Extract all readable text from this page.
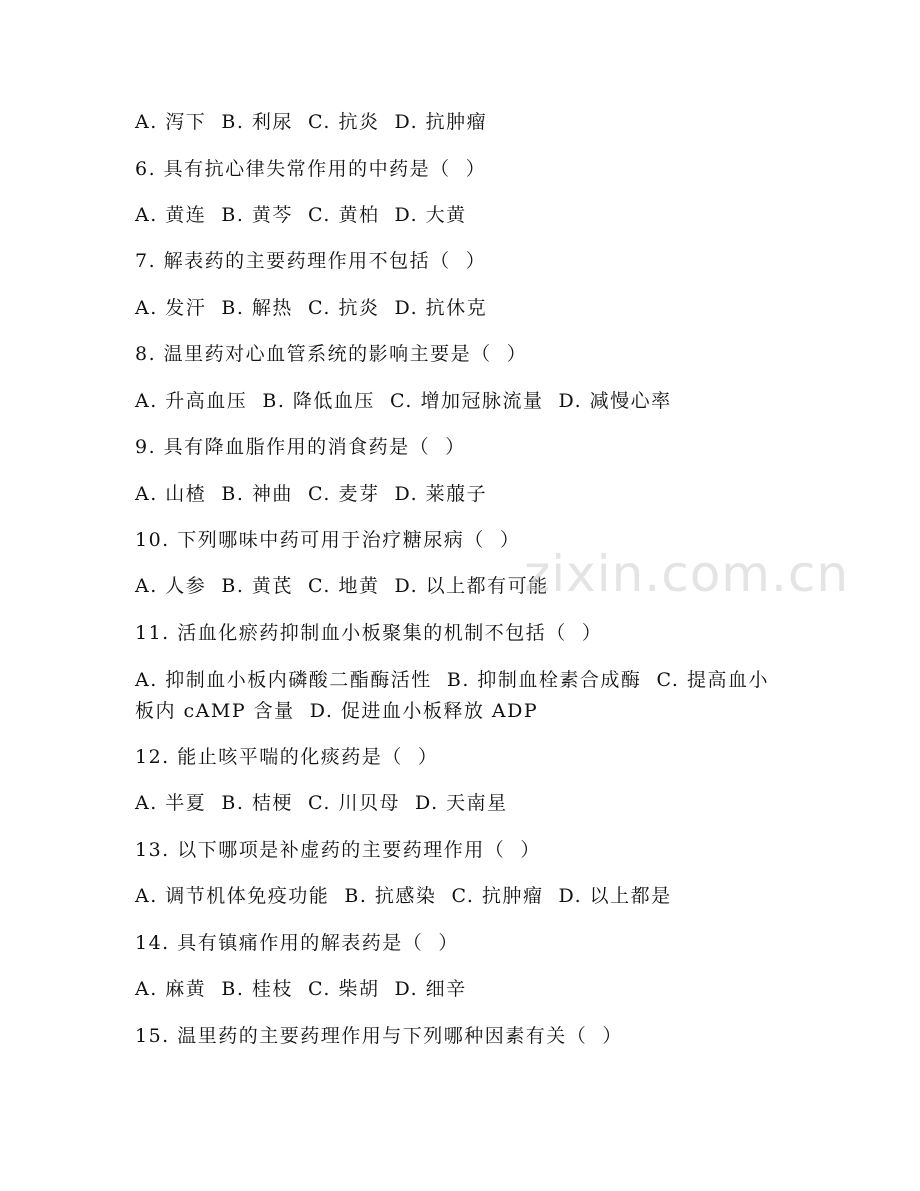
A. 泻下  B. 利尿  C. 抗炎  D. 抗肿瘤
6. 具有抗心律失常作用的中药是（  ）
A. 黄连  B. 黄芩  C. 黄柏  D. 大黄
7. 解表药的主要药理作用不包括（  ）
A. 发汗  B. 解热  C. 抗炎  D. 抗休克
8. 温里药对心血管系统的影响主要是（  ）
A. 升高血压  B. 降低血压  C. 增加冠脉流量  D. 减慢心率
9. 具有降血脂作用的消食药是（  ）
A. 山楂  B. 神曲  C. 麦芽  D. 莱菔子
10. 下列哪味中药可用于治疗糖尿病（  ）
A. 人参  B. 黄芪  C. 地黄  D. 以上都有可能
11. 活血化瘀药抑制血小板聚集的机制不包括（  ）
A. 抑制血小板内磷酸二酯酶活性  B. 抑制血栓素合成酶  C. 提高血小板内 cAMP 含量  D. 促进血小板释放 ADP
12. 能止咳平喘的化痰药是（  ）
A. 半夏  B. 桔梗  C. 川贝母  D. 天南星
13. 以下哪项是补虚药的主要药理作用（  ）
A. 调节机体免疫功能  B. 抗感染  C. 抗肿瘤  D. 以上都是
14. 具有镇痛作用的解表药是（  ）
A. 麻黄  B. 桂枝  C. 柴胡  D. 细辛
15. 温里药的主要药理作用与下列哪种因素有关（  ）
zixin.com.cn
